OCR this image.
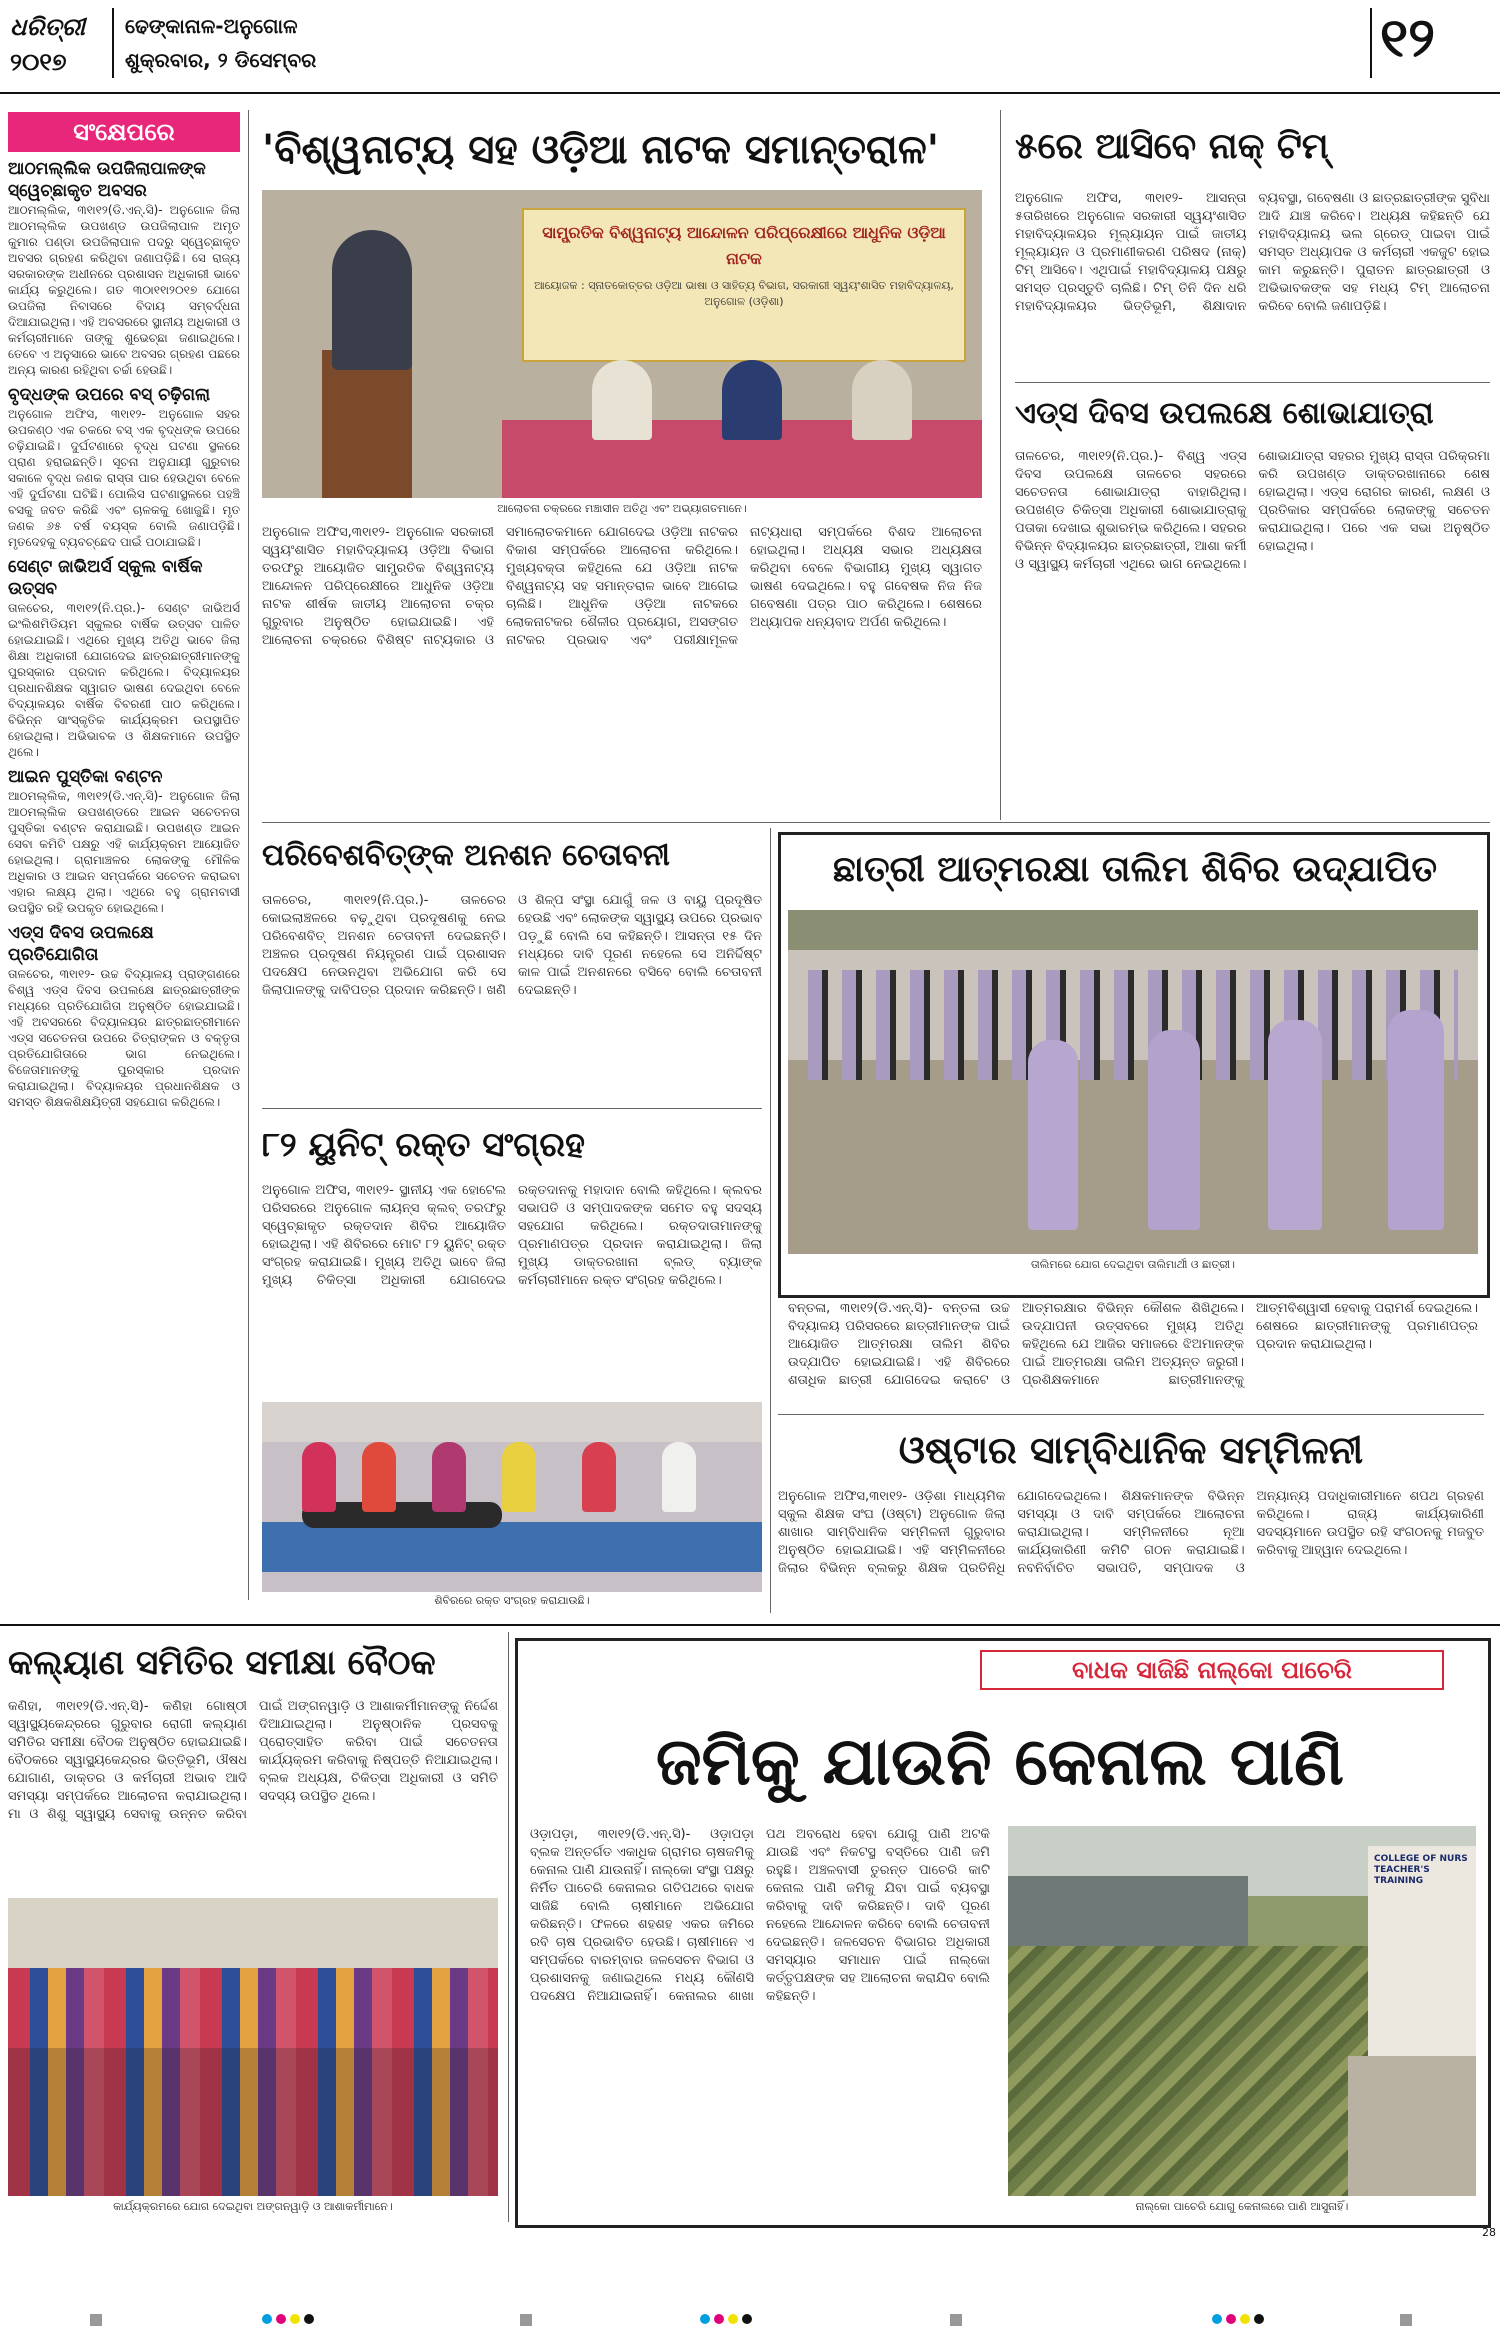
ଧରିତ୍ରୀ
୨୦୧୭
ଢେଙ୍କାନାଳ-ଅନୁଗୋଳ
ଶୁକ୍ରବାର, ୨ ଡିସେମ୍ବର	୧୨
ସଂକ୍ଷେପରେ
ଆଠମଲ୍ଲିକ ଉପଜିଲାପାଳଙ୍କ ସ୍ୱେଚ୍ଛାକୃତ ଅବସର
ଆଠମଲ୍ଲିକ, ୩୧ା୧୨(ଡି.ଏନ୍.ସି)- ଅନୁଗୋଳ ଜିଲା ଆଠମଲ୍ଲିକ ଉପଖଣ୍ଡ ଉପଜିଲାପାଳ ଅମୃତ କୁମାର ପଣ୍ଡା ଉପଜିଲାପାଳ ପଦରୁ ସ୍ୱେଚ୍ଛାକୃତ ଅବସର ଗ୍ରହଣ କରିଥିବା ଜଣାପଡ଼ିଛି। ସେ ରାଜ୍ୟ ସରକାରଙ୍କ ଅଧୀନରେ ପ୍ରଶାସନ ଅଧିକାରୀ ଭାବେ କାର୍ଯ୍ୟ କରୁଥିଲେ। ଗତ ୩୦ା୧୧ା୨୦୧୭ ଯୋଗେ ଉପଜିଲା ନିବାସରେ ବିଦାୟ ସମ୍ବର୍ଦ୍ଧନା ଦିଆଯାଇଥିଲା। ଏହି ଅବସରରେ ସ୍ଥାନୀୟ ଅଧିକାରୀ ଓ କର୍ମଚାରୀମାନେ ତାଙ୍କୁ ଶୁଭେଚ୍ଛା ଜଣାଇଥିଲେ। ତେବେ ଏ ଅନୁସାରେ ଭାବେ ଅବସର ଗ୍ରହଣ ପଛରେ ଅନ୍ୟ କାରଣ ରହିଥିବା ଚର୍ଚ୍ଚା ହେଉଛି।
ବୃଦ୍ଧଙ୍କ ଉପରେ ବସ୍ ଚଢ଼ିଗଲା
ଅନୁଗୋଳ ଅଫିସ, ୩୧ା୧୨- ଅନୁଗୋଳ ସହର ଉପକଣ୍ଠ ଏକ ଚକରେ ବସ୍ ଏକ ବୃଦ୍ଧଙ୍କ ଉପରେ ଚଢ଼ିଯାଇଛି। ଦୁର୍ଘଟଣାରେ ବୃଦ୍ଧ ଘଟଣା ସ୍ଥଳରେ ପ୍ରାଣ ହରାଇଛନ୍ତି। ସୂଚନା ଅନୁଯାୟୀ ଗୁରୁବାର ସକାଳେ ବୃଦ୍ଧ ଜଣକ ରାସ୍ତା ପାର ହେଉଥିବା ବେଳେ ଏହି ଦୁର୍ଘଟଣା ଘଟିଛି। ପୋଲିସ ଘଟଣାସ୍ଥଳରେ ପହଞ୍ଚି ବସକୁ ଜବତ କରିଛି ଏବଂ ଚାଳକକୁ ଖୋଜୁଛି। ମୃତ ଜଣକ ୬୫ ବର୍ଷ ବୟସ୍କ ବୋଲି ଜଣାପଡ଼ିଛି। ମୃତଦେହକୁ ବ୍ୟବଚ୍ଛେଦ ପାଇଁ ପଠାଯାଇଛି।
ସେଣ୍ଟ ଜାଭିଅର୍ସ ସ୍କୁଲ ବାର୍ଷିକ ଉତ୍ସବ
ତାଳଚେର, ୩୧ା୧୨(ନି.ପ୍ର.)- ସେଣ୍ଟ ଜାଭିଅର୍ସ ଇଂଲିଶମିଡିୟମ ସ୍କୁଲର ବାର୍ଷିକ ଉତ୍ସବ ପାଳିତ ହୋଇଯାଇଛି। ଏଥିରେ ମୁଖ୍ୟ ଅତିଥି ଭାବେ ଜିଲା ଶିକ୍ଷା ଅଧିକାରୀ ଯୋଗଦେଇ ଛାତ୍ରଛାତ୍ରୀମାନଙ୍କୁ ପୁରସ୍କାର ପ୍ରଦାନ କରିଥିଲେ। ବିଦ୍ୟାଳୟର ପ୍ରଧାନଶିକ୍ଷକ ସ୍ୱାଗତ ଭାଷଣ ଦେଇଥିବା ବେଳେ ବିଦ୍ୟାଳୟର ବାର୍ଷିକ ବିବରଣୀ ପାଠ କରିଥିଲେ। ବିଭିନ୍ନ ସାଂସ୍କୃତିକ କାର୍ଯ୍ୟକ୍ରମ ଉପସ୍ଥାପିତ ହୋଇଥିଲା। ଅଭିଭାବକ ଓ ଶିକ୍ଷକମାନେ ଉପସ୍ଥିତ ଥିଲେ।
ଆଇନ ପୁସ୍ତିକା ବଣ୍ଟନ
ଆଠମଲ୍ଲିକ, ୩୧ା୧୨(ଡି.ଏନ୍.ସି)- ଅନୁଗୋଳ ଜିଲା ଆଠମଲ୍ଲିକ ଉପଖଣ୍ଡରେ ଆଇନ ସଚେତନତା ପୁସ୍ତିକା ବଣ୍ଟନ କରାଯାଇଛି। ଉପଖଣ୍ଡ ଆଇନ ସେବା କମିଟି ପକ୍ଷରୁ ଏହି କାର୍ଯ୍ୟକ୍ରମ ଆୟୋଜିତ ହୋଇଥିଲା। ଗ୍ରାମାଞ୍ଚଳର ଲୋକଙ୍କୁ ମୌଳିକ ଅଧିକାର ଓ ଆଇନ ସମ୍ପର୍କରେ ସଚେତନ କରାଇବା ଏହାର ଲକ୍ଷ୍ୟ ଥିଲା। ଏଥିରେ ବହୁ ଗ୍ରାମବାସୀ ଉପସ୍ଥିତ ରହି ଉପକୃତ ହୋଇଥିଲେ।
ଏଡ୍ସ ଦିବସ ଉପଲକ୍ଷେ ପ୍ରତିଯୋଗିତା
ତାଳଚେର, ୩୧ା୧୨- ଉଚ୍ଚ ବିଦ୍ୟାଳୟ ପ୍ରାଙ୍ଗଣରେ ବିଶ୍ୱ ଏଡ୍ସ ଦିବସ ଉପଲକ୍ଷେ ଛାତ୍ରଛାତ୍ରୀଙ୍କ ମଧ୍ୟରେ ପ୍ରତିଯୋଗିତା ଅନୁଷ୍ଠିତ ହୋଇଯାଇଛି। ଏହି ଅବସରରେ ବିଦ୍ୟାଳୟର ଛାତ୍ରଛାତ୍ରୀମାନେ ଏଡ୍ସ ସଚେତନତା ଉପରେ ଚିତ୍ରାଙ୍କନ ଓ ବକ୍ତୃତା ପ୍ରତିଯୋଗିତାରେ ଭାଗ ନେଇଥିଲେ। ବିଜେତାମାନଙ୍କୁ ପୁରସ୍କାର ପ୍ରଦାନ କରାଯାଇଥିଲା। ବିଦ୍ୟାଳୟର ପ୍ରଧାନଶିକ୍ଷକ ଓ ସମସ୍ତ ଶିକ୍ଷକଶିକ୍ଷୟିତ୍ରୀ ସହଯୋଗ କରିଥିଲେ।
'ବିଶ୍ୱନାଟ୍ୟ ସହ ଓଡ଼ିଆ ନାଟକ ସମାନ୍ତରାଳ'
ସାମ୍ପ୍ରତିକ ବିଶ୍ୱନାଟ୍ୟ ଆନ୍ଦୋଳନ ପରିପ୍ରେକ୍ଷୀରେ ଆଧୁନିକ ଓଡ଼ିଆ ନାଟକ
ଆୟୋଜକ : ସ୍ନାତକୋତ୍ତର ଓଡ଼ିଆ ଭାଷା ଓ ସାହିତ୍ୟ ବିଭାଗ, ସରକାରୀ ସ୍ୱୟଂଶାସିତ ମହାବିଦ୍ୟାଳୟ, ଅନୁଗୋଳ (ଓଡ଼ିଶା)
ଆଲୋଚନା ଚକ୍ରରେ ମଞ୍ଚାସୀନ ଅତିଥି ଏବଂ ଅଭ୍ୟାଗତମାନେ।
ଅନୁଗୋଳ ଅଫିସ,୩୧ା୧୨- ଅନୁଗୋଳ ସରକାରୀ ସ୍ୱୟଂଶାସିତ ମହାବିଦ୍ୟାଳୟ ଓଡ଼ିଆ ବିଭାଗ ତରଫରୁ ଆୟୋଜିତ ସାମ୍ପ୍ରତିକ ବିଶ୍ୱନାଟ୍ୟ ଆନ୍ଦୋଳନ ପରିପ୍ରେକ୍ଷୀରେ ଆଧୁନିକ ଓଡ଼ିଆ ନାଟକ ଶୀର୍ଷକ ଜାତୀୟ ଆଲୋଚନା ଚକ୍ର ଗୁରୁବାର ଅନୁଷ୍ଠିତ ହୋଇଯାଇଛି। ଏହି ଆଲୋଚନା ଚକ୍ରରେ ବିଶିଷ୍ଟ ନାଟ୍ୟକାର ଓ ସମାଲୋଚକମାନେ ଯୋଗଦେଇ ଓଡ଼ିଆ ନାଟକର ବିକାଶ ସମ୍ପର୍କରେ ଆଲୋଚନା କରିଥିଲେ। ମୁଖ୍ୟବକ୍ତା କହିଥିଲେ ଯେ ଓଡ଼ିଆ ନାଟକ ବିଶ୍ୱନାଟ୍ୟ ସହ ସମାନ୍ତରାଳ ଭାବେ ଆଗେଇ ଚାଲିଛି। ଆଧୁନିକ ଓଡ଼ିଆ ନାଟକରେ ଲୋକନାଟକର ଶୈଳୀର ପ୍ରୟୋଗ, ଅସଙ୍ଗତ ନାଟକର ପ୍ରଭାବ ଏବଂ ପରୀକ୍ଷାମୂଳକ ନାଟ୍ୟଧାରା ସମ୍ପର୍କରେ ବିଶଦ ଆଲୋଚନା ହୋଇଥିଲା। ଅଧ୍ୟକ୍ଷ ସଭାର ଅଧ୍ୟକ୍ଷତା କରିଥିବା ବେଳେ ବିଭାଗୀୟ ମୁଖ୍ୟ ସ୍ୱାଗତ ଭାଷଣ ଦେଇଥିଲେ। ବହୁ ଗବେଷକ ନିଜ ନିଜ ଗବେଷଣା ପତ୍ର ପାଠ କରିଥିଲେ। ଶେଷରେ ଅଧ୍ୟାପକ ଧନ୍ୟବାଦ ଅର୍ପଣ କରିଥିଲେ।
୫ରେ ଆସିବେ ନାକ୍ ଟିମ୍
ଅନୁଗୋଳ ଅଫିସ, ୩୧ା୧୨- ଆସନ୍ତା ୫ତାରିଖରେ ଅନୁଗୋଳ ସରକାରୀ ସ୍ୱୟଂଶାସିତ ମହାବିଦ୍ୟାଳୟର ମୂଲ୍ୟାୟନ ପାଇଁ ଜାତୀୟ ମୂଲ୍ୟାୟନ ଓ ପ୍ରମାଣୀକରଣ ପରିଷଦ (ନାକ୍) ଟିମ୍ ଆସିବେ। ଏଥିପାଇଁ ମହାବିଦ୍ୟାଳୟ ପକ୍ଷରୁ ସମସ୍ତ ପ୍ରସ୍ତୁତି ଚାଲିଛି। ଟିମ୍ ତିନି ଦିନ ଧରି ମହାବିଦ୍ୟାଳୟର ଭିତ୍ତିଭୂମି, ଶିକ୍ଷାଦାନ ବ୍ୟବସ୍ଥା, ଗବେଷଣା ଓ ଛାତ୍ରଛାତ୍ରୀଙ୍କ ସୁବିଧା ଆଦି ଯାଞ୍ଚ କରିବେ। ଅଧ୍ୟକ୍ଷ କହିଛନ୍ତି ଯେ ମହାବିଦ୍ୟାଳୟ ଭଲ ଗ୍ରେଡ୍ ପାଇବା ପାଇଁ ସମସ୍ତ ଅଧ୍ୟାପକ ଓ କର୍ମଚାରୀ ଏକଜୁଟ ହୋଇ କାମ କରୁଛନ୍ତି। ପୁରାତନ ଛାତ୍ରଛାତ୍ରୀ ଓ ଅଭିଭାବକଙ୍କ ସହ ମଧ୍ୟ ଟିମ୍ ଆଲୋଚନା କରିବେ ବୋଲି ଜଣାପଡ଼ିଛି।
ଏଡ୍ସ ଦିବସ ଉପଲକ୍ଷେ ଶୋଭାଯାତ୍ରା
ତାଳଚେର, ୩୧ା୧୨(ନି.ପ୍ର.)- ବିଶ୍ୱ ଏଡ୍ସ ଦିବସ ଉପଲକ୍ଷେ ତାଳଚେର ସହରରେ ସଚେତନତା ଶୋଭାଯାତ୍ରା ବାହାରିଥିଲା। ଉପଖଣ୍ଡ ଚିକିତ୍ସା ଅଧିକାରୀ ଶୋଭାଯାତ୍ରାକୁ ପତାକା ଦେଖାଇ ଶୁଭାରମ୍ଭ କରିଥିଲେ। ସହରର ବିଭିନ୍ନ ବିଦ୍ୟାଳୟର ଛାତ୍ରଛାତ୍ରୀ, ଆଶା କର୍ମୀ ଓ ସ୍ୱାସ୍ଥ୍ୟ କର୍ମଚାରୀ ଏଥିରେ ଭାଗ ନେଇଥିଲେ। ଶୋଭାଯାତ୍ରା ସହରର ମୁଖ୍ୟ ରାସ୍ତା ପରିକ୍ରମା କରି ଉପଖଣ୍ଡ ଡାକ୍ତରଖାନାରେ ଶେଷ ହୋଇଥିଲା। ଏଡ୍ସ ରୋଗର କାରଣ, ଲକ୍ଷଣ ଓ ପ୍ରତିକାର ସମ୍ପର୍କରେ ଲୋକଙ୍କୁ ସଚେତନ କରାଯାଇଥିଲା। ପରେ ଏକ ସଭା ଅନୁଷ୍ଠିତ ହୋଇଥିଲା।
ପରିବେଶବିତ୍‌ଙ୍କ ଅନଶନ ଚେତାବନୀ
ତାଳଚେର, ୩୧ା୧୨(ନି.ପ୍ର.)- ତାଳଚେର କୋଇଲାଞ୍ଚଳରେ ବଢ଼ୁଥିବା ପ୍ରଦୂଷଣକୁ ନେଇ ପରିବେଶବିତ୍ ଅନଶନ ଚେତାବନୀ ଦେଇଛନ୍ତି। ଅଞ୍ଚଳର ପ୍ରଦୂଷଣ ନିୟନ୍ତ୍ରଣ ପାଇଁ ପ୍ରଶାସନ ପଦକ୍ଷେପ ନେଉନଥିବା ଅଭିଯୋଗ କରି ସେ ଜିଲାପାଳଙ୍କୁ ଦାବିପତ୍ର ପ୍ରଦାନ କରିଛନ୍ତି। ଖଣି ଓ ଶିଳ୍ପ ସଂସ୍ଥା ଯୋଗୁଁ ଜଳ ଓ ବାୟୁ ପ୍ରଦୂଷିତ ହେଉଛି ଏବଂ ଲୋକଙ୍କ ସ୍ୱାସ୍ଥ୍ୟ ଉପରେ ପ୍ରଭାବ ପଡ଼ୁଛି ବୋଲି ସେ କହିଛନ୍ତି। ଆସନ୍ତା ୧୫ ଦିନ ମଧ୍ୟରେ ଦାବି ପୂରଣ ନହେଲେ ସେ ଅନିର୍ଦ୍ଦିଷ୍ଟ କାଳ ପାଇଁ ଅନଶନରେ ବସିବେ ବୋଲି ଚେତାବନୀ ଦେଇଛନ୍ତି।
୮୨ ୟୁନିଟ୍ ରକ୍ତ ସଂଗ୍ରହ
ଅନୁଗୋଳ ଅଫିସ, ୩୧ା୧୨- ସ୍ଥାନୀୟ ଏକ ହୋଟେଲ ପରିସରରେ ଅନୁଗୋଳ ଲାୟନ୍ସ କ୍ଲବ୍ ତରଫରୁ ସ୍ୱେଚ୍ଛାକୃତ ରକ୍ତଦାନ ଶିବିର ଆୟୋଜିତ ହୋଇଥିଲା। ଏହି ଶିବିରରେ ମୋଟ ୮୨ ୟୁନିଟ୍ ରକ୍ତ ସଂଗ୍ରହ କରାଯାଇଛି। ମୁଖ୍ୟ ଅତିଥି ଭାବେ ଜିଲା ମୁଖ୍ୟ ଚିକିତ୍ସା ଅଧିକାରୀ ଯୋଗଦେଇ ରକ୍ତଦାନକୁ ମହାଦାନ ବୋଲି କହିଥିଲେ। କ୍ଲବର ସଭାପତି ଓ ସମ୍ପାଦକଙ୍କ ସମେତ ବହୁ ସଦସ୍ୟ ସହଯୋଗ କରିଥିଲେ। ରକ୍ତଦାତାମାନଙ୍କୁ ପ୍ରମାଣପତ୍ର ପ୍ରଦାନ କରାଯାଇଥିଲା। ଜିଲା ମୁଖ୍ୟ ଡାକ୍ତରଖାନା ବ୍ଲଡ୍ ବ୍ୟାଙ୍କ କର୍ମଚାରୀମାନେ ରକ୍ତ ସଂଗ୍ରହ କରିଥିଲେ।
ଶିବିରରେ ରକ୍ତ ସଂଗ୍ରହ କରାଯାଉଛି।
ଛାତ୍ରୀ ଆତ୍ମରକ୍ଷା ତାଲିମ ଶିବିର ଉଦ୍‌ଯାପିତ
ତାଲିମରେ ଯୋଗ ଦେଇଥିବା ତାଲିମାର୍ଥୀ ଓ ଛାତ୍ରୀ।
ବନ୍ତଳା, ୩୧ା୧୨(ଡି.ଏନ୍.ସି)- ବନ୍ତଳା ଉଚ୍ଚ ବିଦ୍ୟାଳୟ ପରିସରରେ ଛାତ୍ରୀମାନଙ୍କ ପାଇଁ ଆୟୋଜିତ ଆତ୍ମରକ୍ଷା ତାଲିମ ଶିବିର ଉଦ୍‌ଯାପିତ ହୋଇଯାଇଛି। ଏହି ଶିବିରରେ ଶତାଧିକ ଛାତ୍ରୀ ଯୋଗଦେଇ କରାଟେ ଓ ଆତ୍ମରକ୍ଷାର ବିଭିନ୍ନ କୌଶଳ ଶିଖିଥିଲେ। ଉଦ୍‌ଯାପନୀ ଉତ୍ସବରେ ମୁଖ୍ୟ ଅତିଥି କହିଥିଲେ ଯେ ଆଜିର ସମାଜରେ ଝିଅମାନଙ୍କ ପାଇଁ ଆତ୍ମରକ୍ଷା ତାଲିମ ଅତ୍ୟନ୍ତ ଜରୁରୀ। ପ୍ରଶିକ୍ଷକମାନେ ଛାତ୍ରୀମାନଙ୍କୁ ଆତ୍ମବିଶ୍ୱାସୀ ହେବାକୁ ପରାମର୍ଶ ଦେଇଥିଲେ। ଶେଷରେ ଛାତ୍ରୀମାନଙ୍କୁ ପ୍ରମାଣପତ୍ର ପ୍ରଦାନ କରାଯାଇଥିଲା।
ଓଷ୍ଟାର ସାମ୍ବିଧାନିକ ସମ୍ମିଳନୀ
ଅନୁଗୋଳ ଅଫିସ,୩୧ା୧୨- ଓଡ଼ିଶା ମାଧ୍ୟମିକ ସ୍କୁଲ ଶିକ୍ଷକ ସଂଘ (ଓଷ୍ଟା) ଅନୁଗୋଳ ଜିଲା ଶାଖାର ସାମ୍ବିଧାନିକ ସମ୍ମିଳନୀ ଗୁରୁବାର ଅନୁଷ୍ଠିତ ହୋଇଯାଇଛି। ଏହି ସମ୍ମିଳନୀରେ ଜିଲାର ବିଭିନ୍ନ ବ୍ଲକରୁ ଶିକ୍ଷକ ପ୍ରତିନିଧି ଯୋଗଦେଇଥିଲେ। ଶିକ୍ଷକମାନଙ୍କ ବିଭିନ୍ନ ସମସ୍ୟା ଓ ଦାବି ସମ୍ପର୍କରେ ଆଲୋଚନା କରାଯାଇଥିଲା। ସମ୍ମିଳନୀରେ ନୂଆ କାର୍ଯ୍ୟକାରିଣୀ କମିଟି ଗଠନ କରାଯାଇଛି। ନବନିର୍ବାଚିତ ସଭାପତି, ସମ୍ପାଦକ ଓ ଅନ୍ୟାନ୍ୟ ପଦାଧିକାରୀମାନେ ଶପଥ ଗ୍ରହଣ କରିଥିଲେ। ରାଜ୍ୟ କାର୍ଯ୍ୟକାରିଣୀ ସଦସ୍ୟମାନେ ଉପସ୍ଥିତ ରହି ସଂଗଠନକୁ ମଜବୁତ କରିବାକୁ ଆହ୍ୱାନ ଦେଇଥିଲେ।
କଲ୍ୟାଣ ସମିତିର ସମୀକ୍ଷା ବୈଠକ
କଣିହା, ୩୧ା୧୨(ଡି.ଏନ୍.ସି)- କଣିହା ଗୋଷ୍ଠୀ ସ୍ୱାସ୍ଥ୍ୟକେନ୍ଦ୍ରରେ ଗୁରୁବାର ରୋଗୀ କଲ୍ୟାଣ ସମିତିର ସମୀକ୍ଷା ବୈଠକ ଅନୁଷ୍ଠିତ ହୋଇଯାଇଛି। ବୈଠକରେ ସ୍ୱାସ୍ଥ୍ୟକେନ୍ଦ୍ରର ଭିତ୍ତିଭୂମି, ଔଷଧ ଯୋଗାଣ, ଡାକ୍ତର ଓ କର୍ମଚାରୀ ଅଭାବ ଆଦି ସମସ୍ୟା ସମ୍ପର୍କରେ ଆଲୋଚନା କରାଯାଇଥିଲା। ମା ଓ ଶିଶୁ ସ୍ୱାସ୍ଥ୍ୟ ସେବାକୁ ଉନ୍ନତ କରିବା ପାଇଁ ଅଙ୍ଗନୱାଡ଼ି ଓ ଆଶାକର୍ମୀମାନଙ୍କୁ ନିର୍ଦ୍ଦେଶ ଦିଆଯାଇଥିଲା। ଅନୁଷ୍ଠାନିକ ପ୍ରସବକୁ ପ୍ରୋତ୍ସାହିତ କରିବା ପାଇଁ ସଚେତନତା କାର୍ଯ୍ୟକ୍ରମ କରିବାକୁ ନିଷ୍ପତ୍ତି ନିଆଯାଇଥିଲା। ବ୍ଲକ ଅଧ୍ୟକ୍ଷ, ଚିକିତ୍ସା ଅଧିକାରୀ ଓ ସମିତି ସଦସ୍ୟ ଉପସ୍ଥିତ ଥିଲେ।
କାର୍ଯ୍ୟକ୍ରମରେ ଯୋଗ ଦେଇଥିବା ଅଙ୍ଗନୱାଡ଼ି ଓ ଆଶାକର୍ମୀମାନେ।
ବାଧକ ସାଜିଛି ନାଲ୍‌କୋ ପାଚେରି
ଜମିକୁ ଯାଉନି କେନାଲ ପାଣି
ଓଡ଼ାପଡ଼ା, ୩୧ା୧୨(ଡି.ଏନ୍.ସି)- ଓଡ଼ାପଡ଼ା ବ୍ଲକ ଅନ୍ତର୍ଗତ ଏକାଧିକ ଗ୍ରାମର ଚାଷଜମିକୁ କେନାଲ ପାଣି ଯାଉନାହିଁ। ନାଲ୍‌କୋ ସଂସ୍ଥା ପକ୍ଷରୁ ନିର୍ମିତ ପାଚେରି କେନାଲର ଗତିପଥରେ ବାଧକ ସାଜିଛି ବୋଲି ଚାଷୀମାନେ ଅଭିଯୋଗ କରିଛନ୍ତି। ଫଳରେ ଶହଶହ ଏକର ଜମିରେ ରବି ଚାଷ ପ୍ରଭାବିତ ହେଉଛି। ଚାଷୀମାନେ ଏ ସମ୍ପର୍କରେ ବାରମ୍ବାର ଜଳସେଚନ ବିଭାଗ ଓ ପ୍ରଶାସନକୁ ଜଣାଇଥିଲେ ମଧ୍ୟ କୌଣସି ପଦକ୍ଷେପ ନିଆଯାଇନାହିଁ। କେନାଲର ଶାଖା ପଥ ଅବରୋଧ ହେବା ଯୋଗୁ ପାଣି ଅଟକି ଯାଉଛି ଏବଂ ନିକଟସ୍ଥ ବସ୍ତିରେ ପାଣି ଜମି ରହୁଛି। ଅଞ୍ଚଳବାସୀ ତୁରନ୍ତ ପାଚେରି କାଟି କେନାଲ ପାଣି ଜମିକୁ ଯିବା ପାଇଁ ବ୍ୟବସ୍ଥା କରିବାକୁ ଦାବି କରିଛନ୍ତି। ଦାବି ପୂରଣ ନହେଲେ ଆନ୍ଦୋଳନ କରିବେ ବୋଲି ଚେତାବନୀ ଦେଇଛନ୍ତି। ଜଳସେଚନ ବିଭାଗର ଅଧିକାରୀ ସମସ୍ୟାର ସମାଧାନ ପାଇଁ ନାଲ୍‌କୋ କର୍ତ୍ତୃପକ୍ଷଙ୍କ ସହ ଆଲୋଚନା କରାଯିବ ବୋଲି କହିଛନ୍ତି।
COLLEGE OF NURS TEACHER'S TRAINING
ନାଲ୍‌କୋ ପାଚେରି ଯୋଗୁ କେନାଲରେ ପାଣି ଆସୁନାହିଁ।
28
